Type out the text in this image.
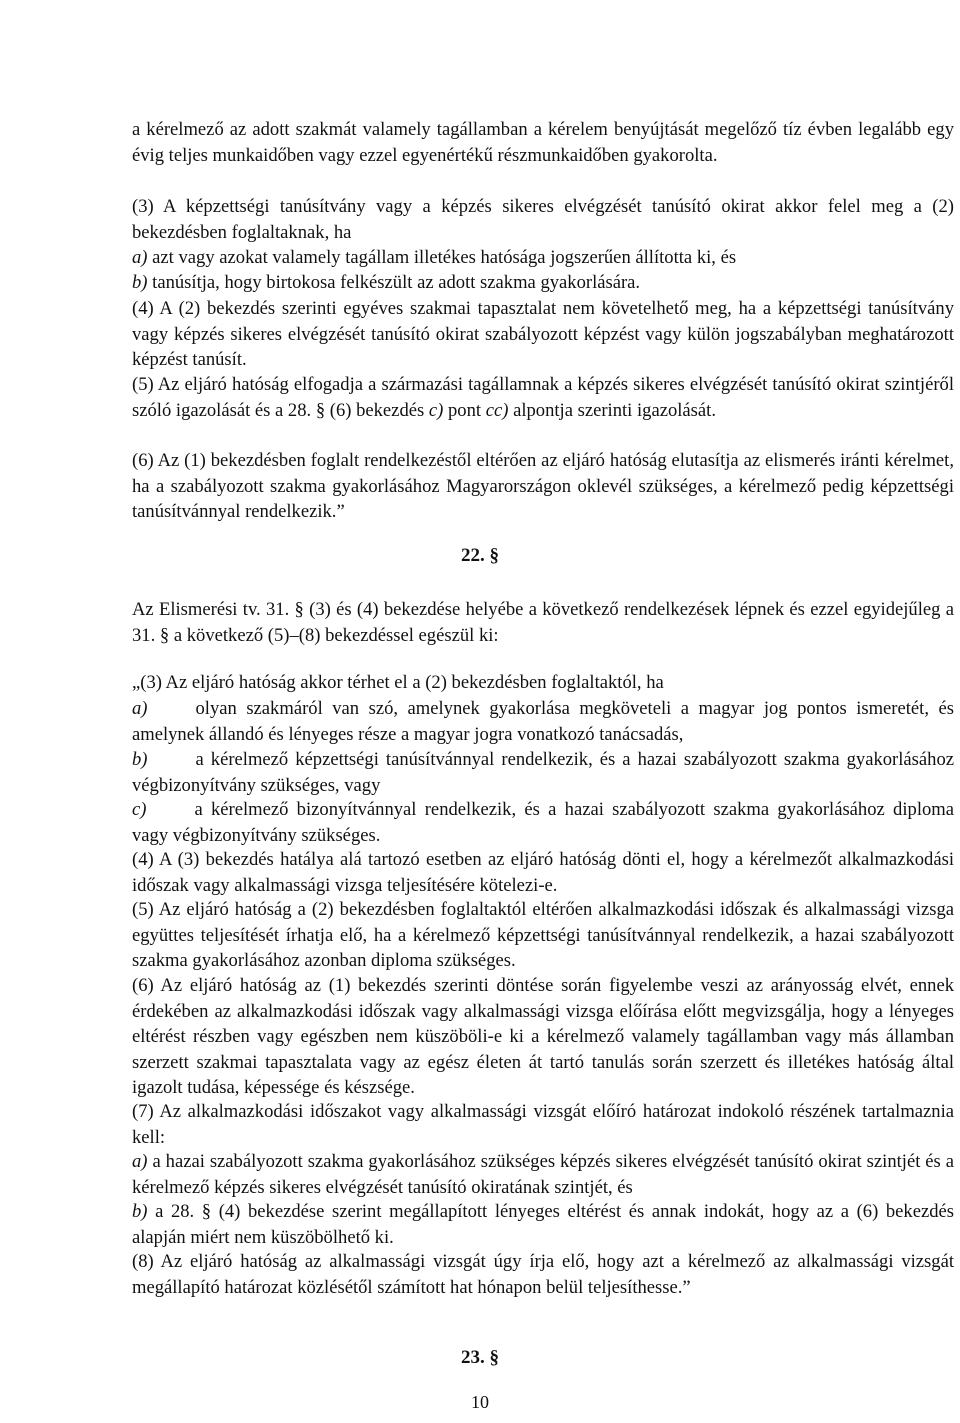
a kérelmező az adott szakmát valamely tagállamban a kérelem benyújtását megelőző tíz évben legalább egy évig teljes munkaidőben vagy ezzel egyenértékű részmunkaidőben gyakorolta.

(3) A képzettségi tanúsítvány vagy a képzés sikeres elvégzését tanúsító okirat akkor felel meg a (2) bekezdésben foglaltaknak, ha

a) azt vagy azokat valamely tagállam illetékes hatósága jogszerűen állította ki, és

b) tanúsítja, hogy birtokosa felkészült az adott szakma gyakorlására.

(4) A (2) bekezdés szerinti egyéves szakmai tapasztalat nem követelhető meg, ha a képzettségi tanúsítvány vagy képzés sikeres elvégzését tanúsító okirat szabályozott képzést vagy külön jogszabályban meghatározott képzést tanúsít.

(5) Az eljáró hatóság elfogadja a származási tagállamnak a képzés sikeres elvégzését tanúsító okirat szintjéről szóló igazolását és a 28. § (6) bekezdés c) pont cc) alpontja szerinti igazolását.

(6) Az (1) bekezdésben foglalt rendelkezéstől eltérően az eljáró hatóság elutasítja az elismerés iránti kérelmet, ha a szabályozott szakma gyakorlásához Magyarországon oklevél szükséges, a kérelmező pedig képzettségi tanúsítvánnyal rendelkezik.”

22. §

Az Elismerési tv. 31. § (3) és (4) bekezdése helyébe a következő rendelkezések lépnek és ezzel egyidejűleg a 31. § a következő (5)–(8) bekezdéssel egészül ki:

„(3) Az eljáró hatóság akkor térhet el a (2) bekezdésben foglaltaktól, ha

a)	olyan szakmáról van szó, amelynek gyakorlása megköveteli a magyar jog pontos ismeretét, és amelynek állandó és lényeges része a magyar jogra vonatkozó tanácsadás,

b)	a kérelmező képzettségi tanúsítvánnyal rendelkezik, és a hazai szabályozott szakma gyakorlásához végbizonyítvány szükséges, vagy

c)	a kérelmező bizonyítvánnyal rendelkezik, és a hazai szabályozott szakma gyakorlásához diploma vagy végbizonyítvány szükséges.

(4) A (3) bekezdés hatálya alá tartozó esetben az eljáró hatóság dönti el, hogy a kérelmezőt alkalmazkodási időszak vagy alkalmassági vizsga teljesítésére kötelezi-e.

(5) Az eljáró hatóság a (2) bekezdésben foglaltaktól eltérően alkalmazkodási időszak és alkalmassági vizsga együttes teljesítését írhatja elő, ha a kérelmező képzettségi tanúsítvánnyal rendelkezik, a hazai szabályozott szakma gyakorlásához azonban diploma szükséges.

(6) Az eljáró hatóság az (1) bekezdés szerinti döntése során figyelembe veszi az arányosság elvét, ennek érdekében az alkalmazkodási időszak vagy alkalmassági vizsga előírása előtt megvizsgálja, hogy a lényeges eltérést részben vagy egészben nem küszöböli-e ki a kérelmező valamely tagállamban vagy más államban szerzett szakmai tapasztalata vagy az egész életen át tartó tanulás során szerzett és illetékes hatóság által igazolt tudása, képessége és készsége.

(7) Az alkalmazkodási időszakot vagy alkalmassági vizsgát előíró határozat indokoló részének tartalmaznia kell:

a) a hazai szabályozott szakma gyakorlásához szükséges képzés sikeres elvégzését tanúsító okirat szintjét és a kérelmező képzés sikeres elvégzését tanúsító okiratának szintjét, és

b) a 28. § (4) bekezdése szerint megállapított lényeges eltérést és annak indokát, hogy az a (6) bekezdés alapján miért nem küszöbölhető ki.

(8) Az eljáró hatóság az alkalmassági vizsgát úgy írja elő, hogy azt a kérelmező az alkalmassági vizsgát megállapító határozat közlésétől számított hat hónapon belül teljesíthesse.”

23. §

10
